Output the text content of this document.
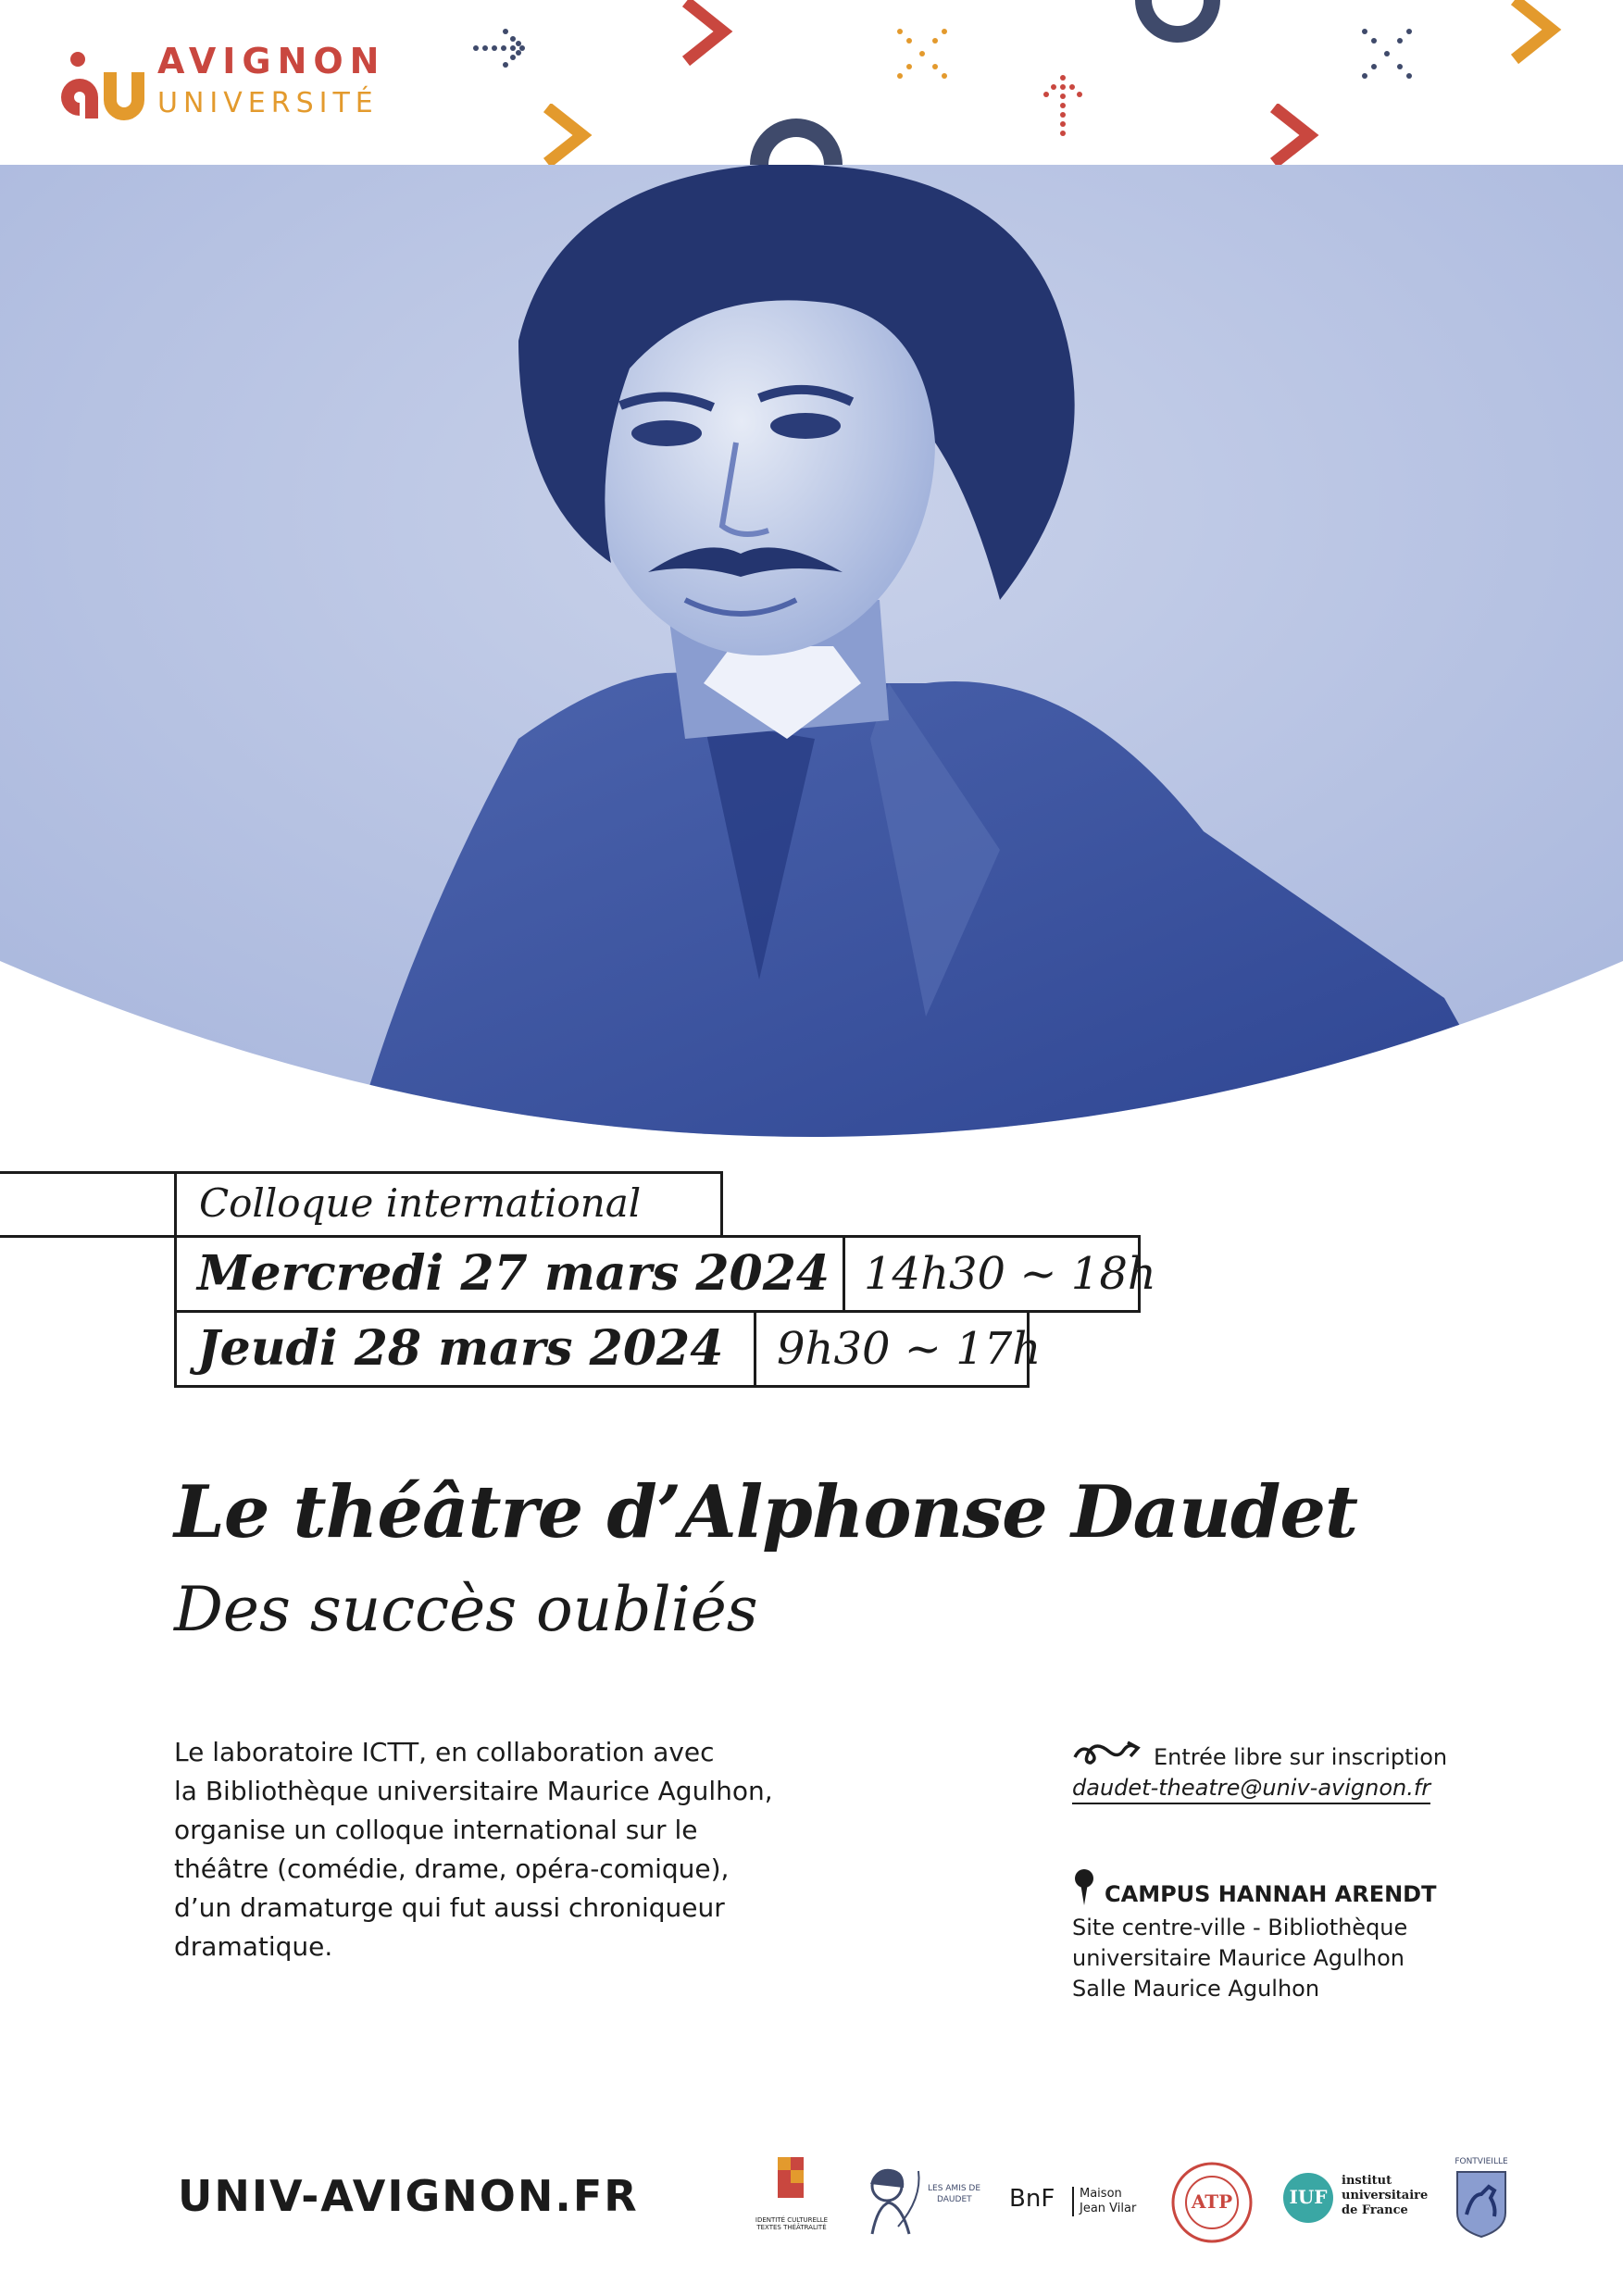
AVIGNON
UNIVERSITÉ
Colloque international
Mercredi 27 mars 2024 14h30 ~ 18h
Jeudi 28 mars 2024	9h30 ~ 17h
Le théâtre d’Alphonse Daudet
Des succès oubliés

Le laboratoire ICTT, en collaboration avec

la Bibliothèque universitaire Maurice Agulhon,

organise un colloque international sur le

théâtre (comédie, drame, opéra-comique),

d’un dramaturge qui fut aussi chroniqueur

dramatique.

Entrée libre sur inscription
daudet-theatre@univ-avignon.fr
CAMPUS HANNAH ARENDT
Site centre-ville - Bibliothèque
universitaire Maurice Agulhon
Salle Maurice Agulhon
UNIV-AVIGNON.FR	IDENTITÉ CULTURELLE
TEXTES THÉÂTRALITÉ
LES AMIS DE
DAUDET BnF Maison
Jean Vilar	ATP	IUF
institut
universitaire
de France
FONTVIEILLE
